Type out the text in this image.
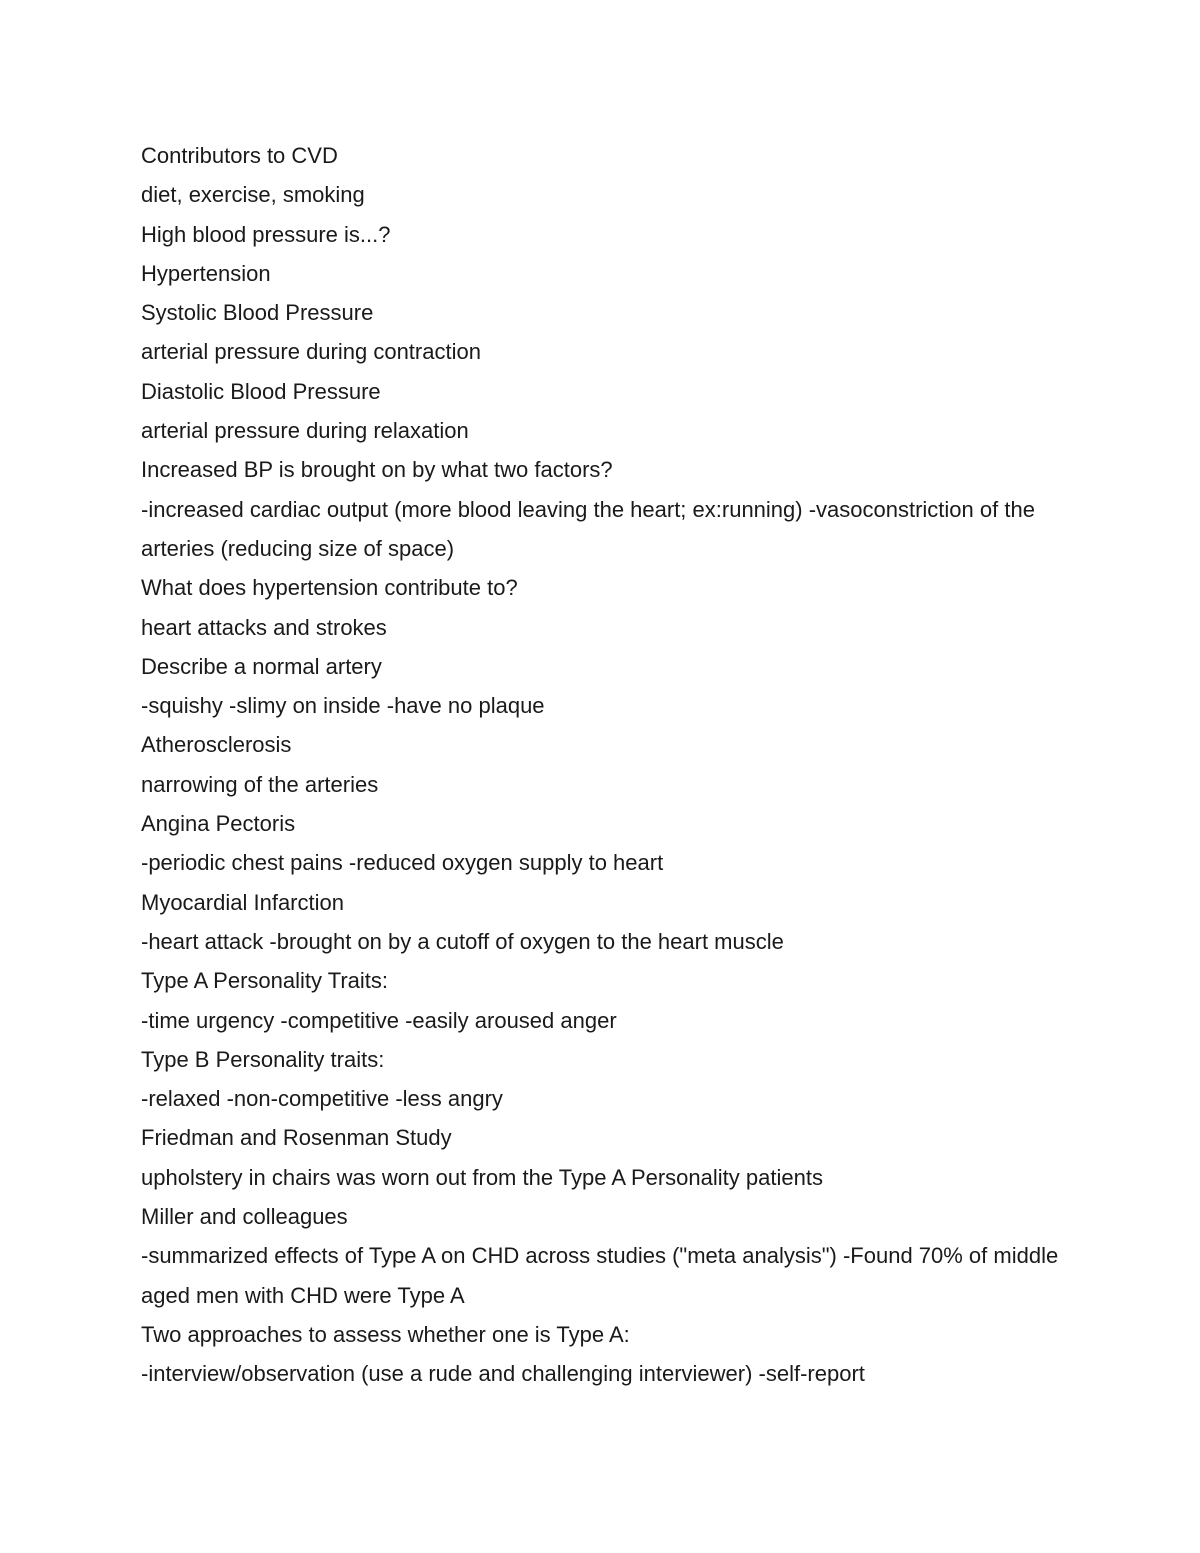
Contributors to CVD

diet, exercise, smoking

High blood pressure is...?

Hypertension

Systolic Blood Pressure

arterial pressure during contraction

Diastolic Blood Pressure

arterial pressure during relaxation

Increased BP is brought on by what two factors?

-increased cardiac output (more blood leaving the heart; ex:running) -vasoconstriction of the arteries (reducing size of space)

What does hypertension contribute to?

heart attacks and strokes

Describe a normal artery

-squishy -slimy on inside -have no plaque

Atherosclerosis

narrowing of the arteries

Angina Pectoris

-periodic chest pains -reduced oxygen supply to heart

Myocardial Infarction

-heart attack -brought on by a cutoff of oxygen to the heart muscle

Type A Personality Traits:

-time urgency -competitive -easily aroused anger

Type B Personality traits:

-relaxed -non-competitive -less angry

Friedman and Rosenman Study

upholstery in chairs was worn out from the Type A Personality patients

Miller and colleagues

-summarized effects of Type A on CHD across studies ("meta analysis") -Found 70% of middle aged men with CHD were Type A

Two approaches to assess whether one is Type A:

-interview/observation (use a rude and challenging interviewer) -self-report
